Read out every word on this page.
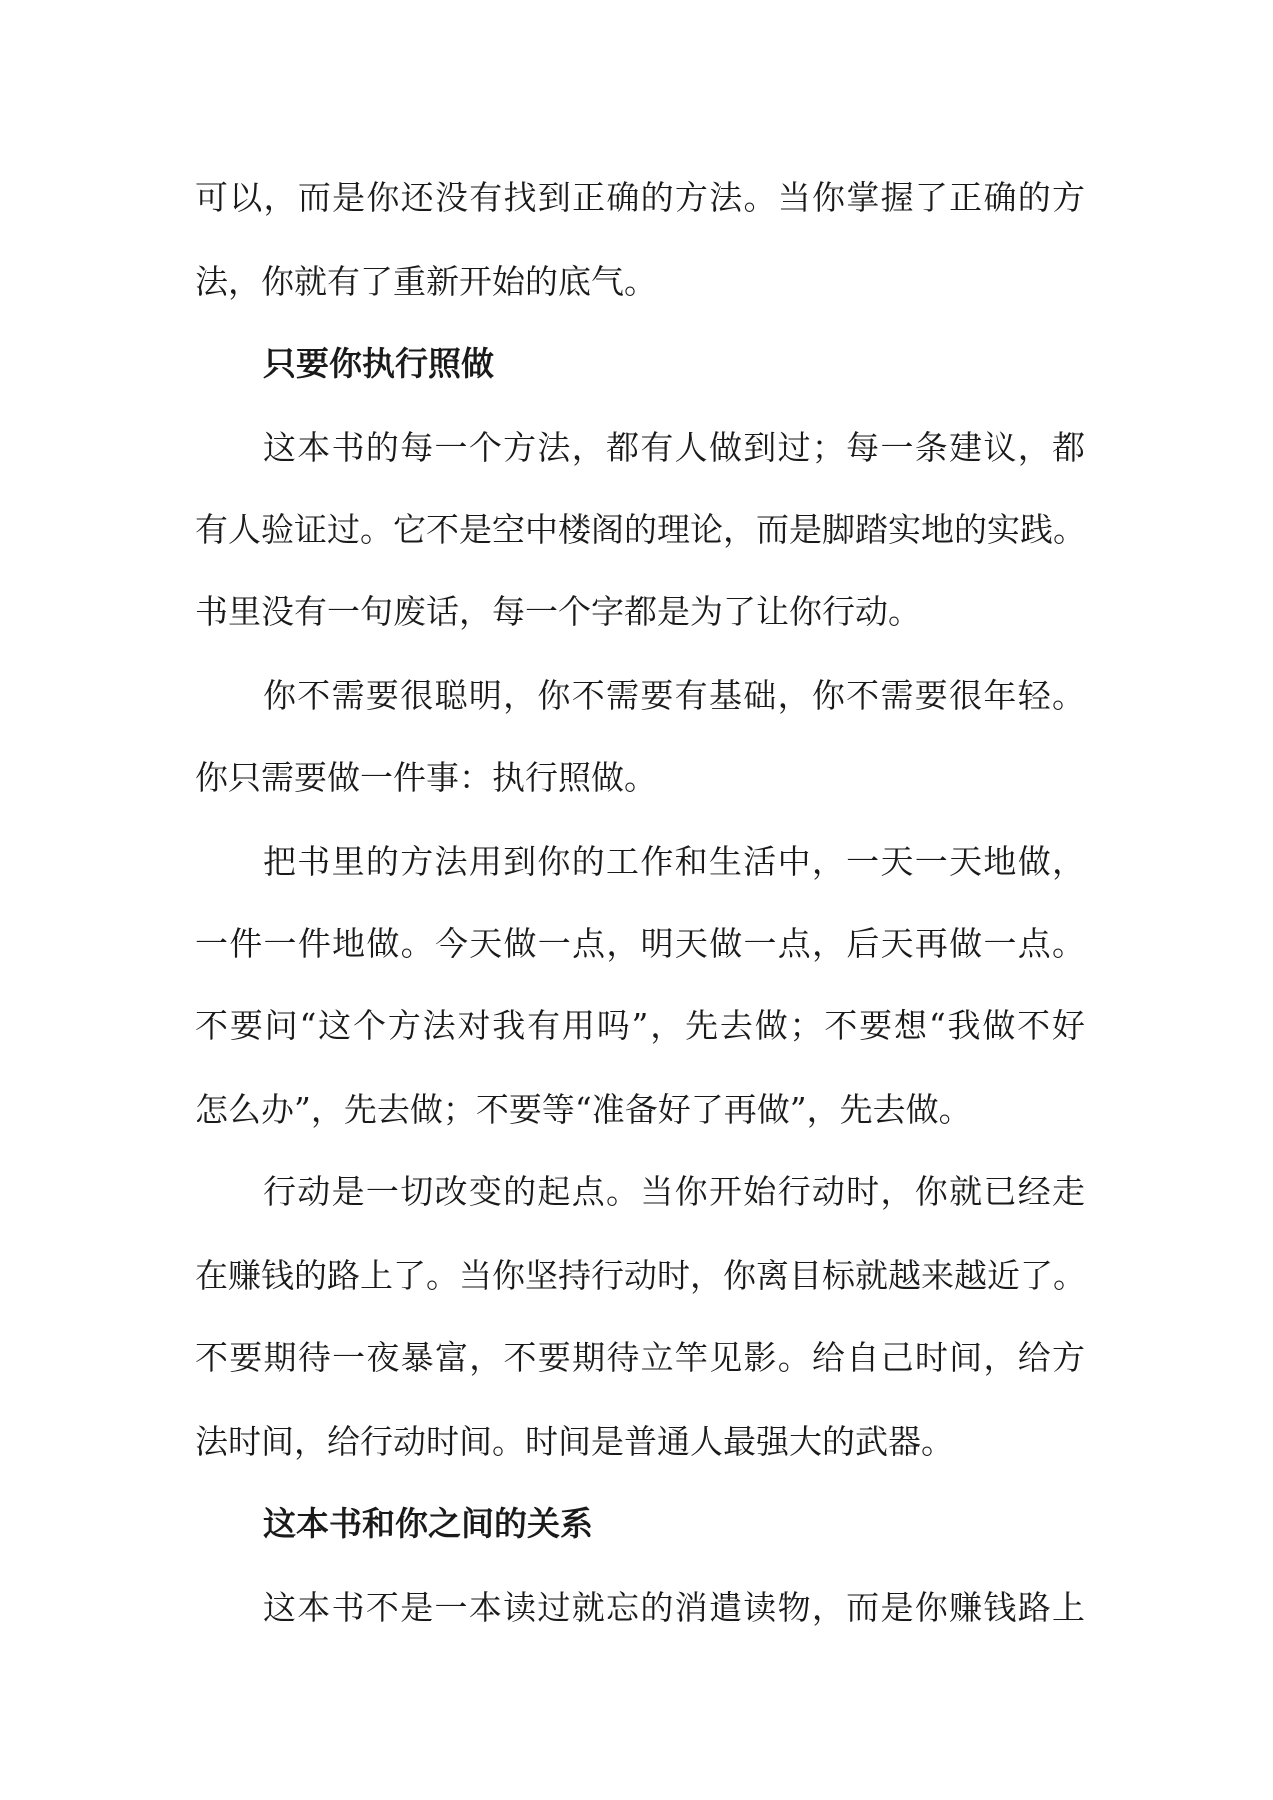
可以，而是你还没有找到正确的方法。当你掌握了正确的方
法，你就有了重新开始的底气。
只要你执行照做
这本书的每一个方法，都有人做到过；每一条建议，都
有人验证过。它不是空中楼阁的理论，而是脚踏实地的实践。
书里没有一句废话，每一个字都是为了让你行动。
你不需要很聪明，你不需要有基础，你不需要很年轻。
你只需要做一件事：执行照做。
把书里的方法用到你的工作和生活中，一天一天地做，
一件一件地做。今天做一点，明天做一点，后天再做一点。
不要问“这个方法对我有用吗”，先去做；不要想“我做不好
怎么办”，先去做；不要等“准备好了再做”，先去做。
行动是一切改变的起点。当你开始行动时，你就已经走
在赚钱的路上了。当你坚持行动时，你离目标就越来越近了。
不要期待一夜暴富，不要期待立竿见影。给自己时间，给方
法时间，给行动时间。时间是普通人最强大的武器。
这本书和你之间的关系
这本书不是一本读过就忘的消遣读物，而是你赚钱路上
